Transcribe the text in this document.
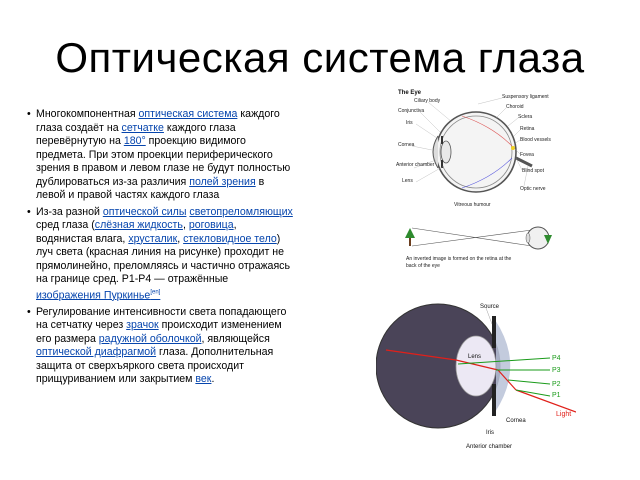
Оптическая система глаза
• Многокомпонентная оптическая система каждого глаза создаёт на сетчатке каждого глаза перевёрнутую на 180° проекцию видимого предмета. При этом проекции периферического зрения в правом и левом глазе не будут полностью дублироваться из-за различия полей зрения в левой и правой частях каждого глаза
• Из-за разной оптической силы светопреломляющих сред глаза (слёзная жидкость, роговица, водянистая влага, хрусталик, стекловидное тело) луч света (красная линия на рисунке) проходит не прямолинейно, преломляясь и частично отражаясь на границе сред. P1-P4 — отражённые изображения Пуркинье[en]
• Регулирование интенсивности света попадающего на сетчатку через зрачок происходит изменением его размера радужной оболочкой, являющейся оптической диафрагмой глаза. Дополнительная защита от сверхъяркого света происходит прищуриванием или закрытием век.
The Eye
Ciliary body
Conjunctiva
Iris
Cornea
Anterior chamber
Lens
Suspensory ligament
Choroid
Sclera
Retina
Blood vessels
Fovea
Blind spot
Optic nerve
Vitreous humour
An inverted image is formed on the retina at the
back of the eye
Source
Lens	P4
P3
P2
P1
Light
Cornea
Iris
Anterior chamber
